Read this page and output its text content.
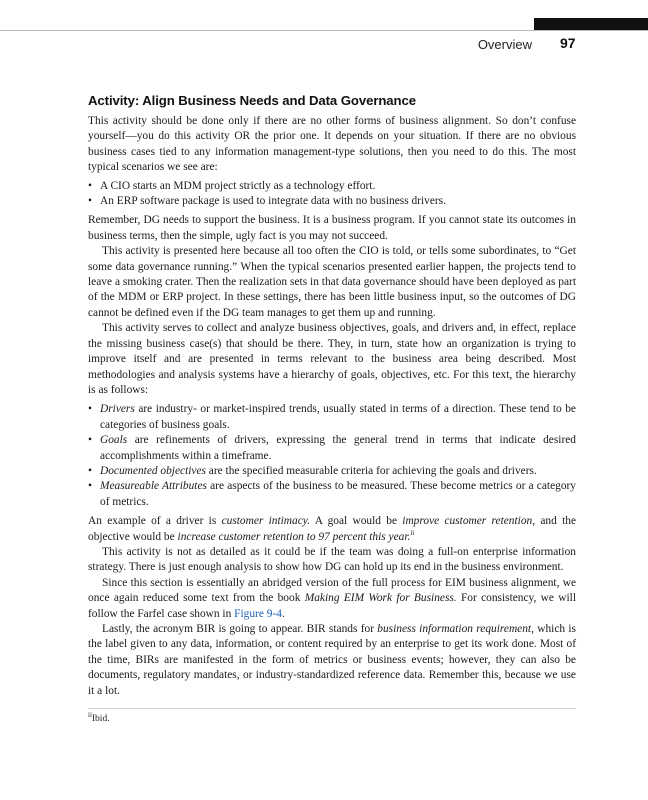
Overview 97
Activity: Align Business Needs and Data Governance

This activity should be done only if there are no other forms of business alignment. So don’t confuse yourself—you do this activity OR the prior one. It depends on your situation. If there are no obvious business cases tied to any information management-type solutions, then you need to do this. The most typical scenarios we see are:

• A CIO starts an MDM project strictly as a technology effort.
• An ERP software package is used to integrate data with no business drivers.

Remember, DG needs to support the business. It is a business program. If you cannot state its outcomes in business terms, then the simple, ugly fact is you may not succeed.

This activity is presented here because all too often the CIO is told, or tells some subordinates, to “Get some data governance running.” When the typical scenarios presented earlier happen, the projects tend to leave a smoking crater. Then the realization sets in that data governance should have been deployed as part of the MDM or ERP project. In these settings, there has been little business input, so the outcomes of DG cannot be defined even if the DG team manages to get them up and running.

This activity serves to collect and analyze business objectives, goals, and drivers and, in effect, replace the missing business case(s) that should be there. They, in turn, state how an organization is trying to improve itself and are presented in terms relevant to the business area being described. Most methodologies and analysis systems have a hierarchy of goals, objectives, etc. For this text, the hierarchy is as follows:

• Drivers are industry- or market-inspired trends, usually stated in terms of a direction. These tend to be categories of business goals.
• Goals are refinements of drivers, expressing the general trend in terms that indicate desired accomplishments within a timeframe.
• Documented objectives are the specified measurable criteria for achieving the goals and drivers.
• Measureable Attributes are aspects of the business to be measured. These become metrics or a category of metrics.

An example of a driver is customer intimacy. A goal would be improve customer retention, and the objective would be increase customer retention to 97 percent this year.$^{ii}$

This activity is not as detailed as it could be if the team was doing a full-on enterprise information strategy. There is just enough analysis to show how DG can hold up its end in the business environment.

Since this section is essentially an abridged version of the full process for EIM business alignment, we once again reduced some text from the book Making EIM Work for Business. For consistency, we will follow the Farfel case shown in Figure 9-4.

Lastly, the acronym BIR is going to appear. BIR stands for business information requirement, which is the label given to any data, information, or content required by an enterprise to get its work done. Most of the time, BIRs are manifested in the form of metrics or business events; however, they can also be documents, regulatory mandates, or industry-standardized reference data. Remember this, because we use it a lot.

$^{ii}$Ibid.
